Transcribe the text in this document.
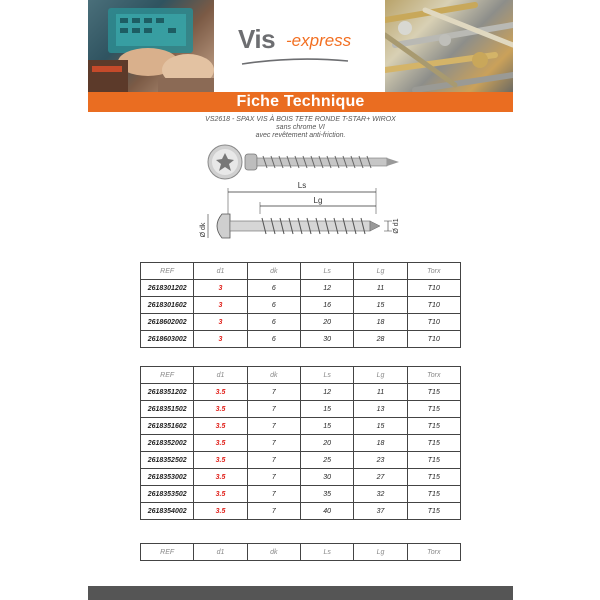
Vis -express
Fiche Technique
VS2618 - SPAX VIS À BOIS TETE RONDE T-STAR+ WIROX
sans chrome VI
avec revêtement anti-friction.
Ls
Lg
Ø dk	Ø d1
REF	d1	dk	Ls	Lg	Torx
2618301202	3	6	12	11	T10
2618301602	3	6	16	15	T10
2618602002	3	6	20	18	T10
2618603002	3	6	30	28	T10
REF	d1	dk	Ls	Lg	Torx
2618351202	3.5	7	12	11	T15
2618351502	3.5	7	15	13	T15
2618351602	3.5	7	15	15	T15
2618352002	3.5	7	20	18	T15
2618352502	3.5	7	25	23	T15
2618353002	3.5	7	30	27	T15
2618353502	3.5	7	35	32	T15
2618354002	3.5	7	40	37	T15
REF	d1	dk	Ls	Lg	Torx
